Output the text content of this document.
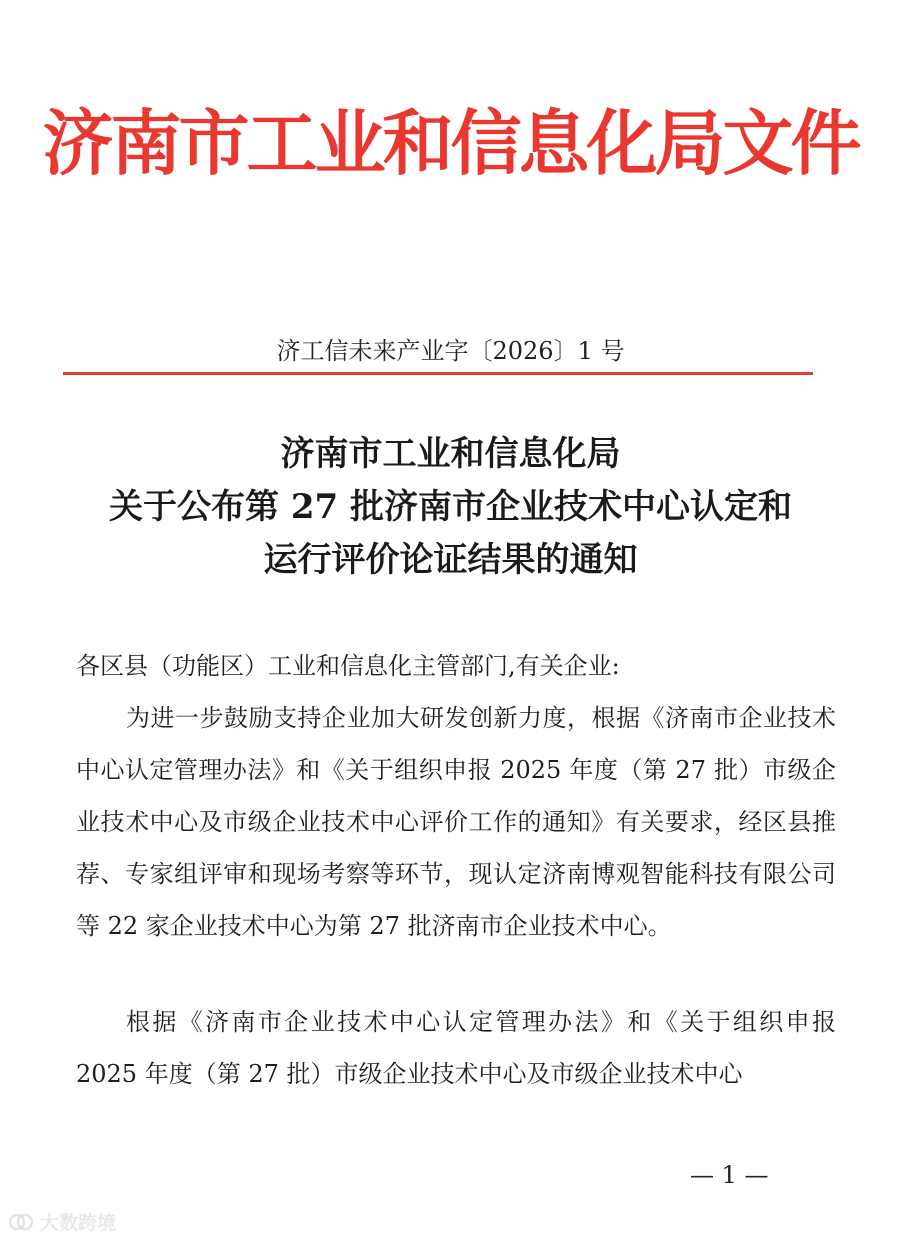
济南市工业和信息化局文件
济工信未来产业字〔2026〕1 号
济南市工业和信息化局
关于公布第 27 批济南市企业技术中心认定和
运行评价论证结果的通知
各区县（功能区）工业和信息化主管部门,有关企业:
为进一步鼓励支持企业加大研发创新力度，根据《济南市企业技术中心认定管理办法》和《关于组织申报 2025 年度（第 27 批）市级企业技术中心及市级企业技术中心评价工作的通知》有关要求，经区县推荐、专家组评审和现场考察等环节，现认定济南博观智能科技有限公司等 22 家企业技术中心为第 27 批济南市企业技术中心。
根据《济南市企业技术中心认定管理办法》和《关于组织申报 2025 年度（第 27 批）市级企业技术中心及市级企业技术中心
— 1 —
大数跨境
